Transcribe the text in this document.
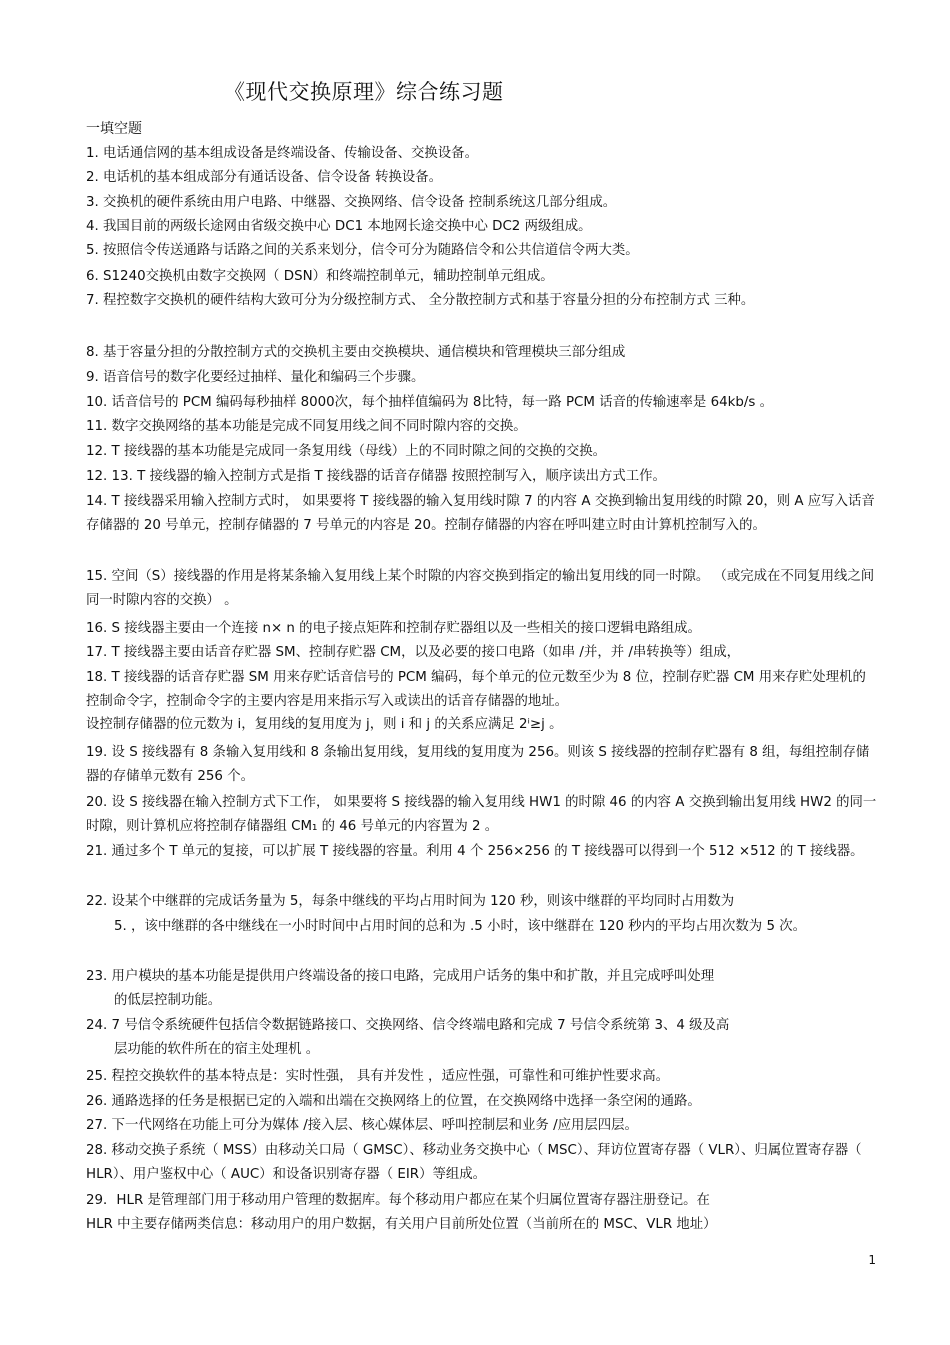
《现代交换原理》综合练习题
一填空题
1. 电话通信网的基本组成设备是终端设备、传输设备、交换设备。
2. 电话机的基本组成部分有通话设备、信令设备 转换设备。
3. 交换机的硬件系统由用户电路、中继器、交换网络、信令设备 控制系统这几部分组成。
4. 我国目前的两级长途网由省级交换中心 DC1 本地网长途交换中心 DC2 两级组成。
5. 按照信令传送通路与话路之间的关系来划分，信令可分为随路信令和公共信道信令两大类。
6. S1240交换机由数字交换网（ DSN）和终端控制单元，辅助控制单元组成。
7. 程控数字交换机的硬件结构大致可分为分级控制方式、 全分散控制方式和基于容量分担的分布控制方式 三种。
8. 基于容量分担的分散控制方式的交换机主要由交换模块、通信模块和管理模块三部分组成
9. 语音信号的数字化要经过抽样、量化和编码三个步骤。
10. 话音信号的 PCM 编码每秒抽样 8000次，每个抽样值编码为 8比特，每一路 PCM 话音的传输速率是 64kb/s 。
11. 数字交换网络的基本功能是完成不同复用线之间不同时隙内容的交换。
12. T 接线器的基本功能是完成同一条复用线（母线）上的不同时隙之间的交换的交换。
12. 13. T 接线器的输入控制方式是指 T 接线器的话音存储器 按照控制写入，顺序读出方式工作。
14. T 接线器采用输入控制方式时， 如果要将 T 接线器的输入复用线时隙 7 的内容 A 交换到输出复用线的时隙 20，则 A 应写入话音存储器的 20 号单元，控制存储器的 7 号单元的内容是 20。控制存储器的内容在呼叫建立时由计算机控制写入的。
15. 空间（S）接线器的作用是将某条输入复用线上某个时隙的内容交换到指定的输出复用线的同一时隙。 （或完成在不同复用线之间同一时隙内容的交换） 。
16. S 接线器主要由一个连接 n× n 的电子接点矩阵和控制存贮器组以及一些相关的接口逻辑电路组成。
17. T 接线器主要由话音存贮器 SM、控制存贮器 CM，以及必要的接口电路（如串 /并，并 /串转换等）组成，
18. T 接线器的话音存贮器 SM 用来存贮话音信号的 PCM 编码，每个单元的位元数至少为 8 位，控制存贮器 CM 用来存贮处理机的控制命令字，控制命令字的主要内容是用来指示写入或读出的话音存储器的地址。
设控制存储器的位元数为 i，复用线的复用度为 j，则 i 和 j 的关系应满足 2ⁱ≥j 。
19. 设 S 接线器有 8 条输入复用线和 8 条输出复用线，复用线的复用度为 256。则该 S 接线器的控制存贮器有 8 组，每组控制存储器的存储单元数有 256 个。
20. 设 S 接线器在输入控制方式下工作， 如果要将 S 接线器的输入复用线 HW1 的时隙 46 的内容 A 交换到输出复用线 HW2 的同一时隙，则计算机应将控制存储器组 CM₁ 的 46 号单元的内容置为 2 。
21. 通过多个 T 单元的复接，可以扩展 T 接线器的容量。利用 4 个 256×256 的 T 接线器可以得到一个 512 ×512 的 T 接线器。
22. 设某个中继群的完成话务量为 5，每条中继线的平均占用时间为 120 秒，则该中继群的平均同时占用数为
5. ，该中继群的各中继线在一小时时间中占用时间的总和为 .5 小时，该中继群在 120 秒内的平均占用次数为 5 次。
23. 用户模块的基本功能是提供用户终端设备的接口电路，完成用户话务的集中和扩散，并且完成呼叫处理
的低层控制功能。
24. 7 号信令系统硬件包括信令数据链路接口、交换网络、信令终端电路和完成 7 号信令系统第 3、4 级及高
层功能的软件所在的宿主处理机 。
25. 程控交换软件的基本特点是：实时性强， 具有并发性 ，适应性强，可靠性和可维护性要求高。
26. 通路选择的任务是根据已定的入端和出端在交换网络上的位置，在交换网络中选择一条空闲的通路。
27. 下一代网络在功能上可分为媒体 /接入层、核心媒体层、呼叫控制层和业务 /应用层四层。
28. 移动交换子系统（ MSS）由移动关口局（ GMSC）、移动业务交换中心（ MSC）、拜访位置寄存器（ VLR）、归属位置寄存器（ HLR）、用户鉴权中心（ AUC）和设备识别寄存器（ EIR）等组成。
29．HLR 是管理部门用于移动用户管理的数据库。每个移动用户都应在某个归属位置寄存器注册登记。在
HLR 中主要存储两类信息：移动用户的用户数据，有关用户目前所处位置（当前所在的 MSC、VLR 地址）
1
